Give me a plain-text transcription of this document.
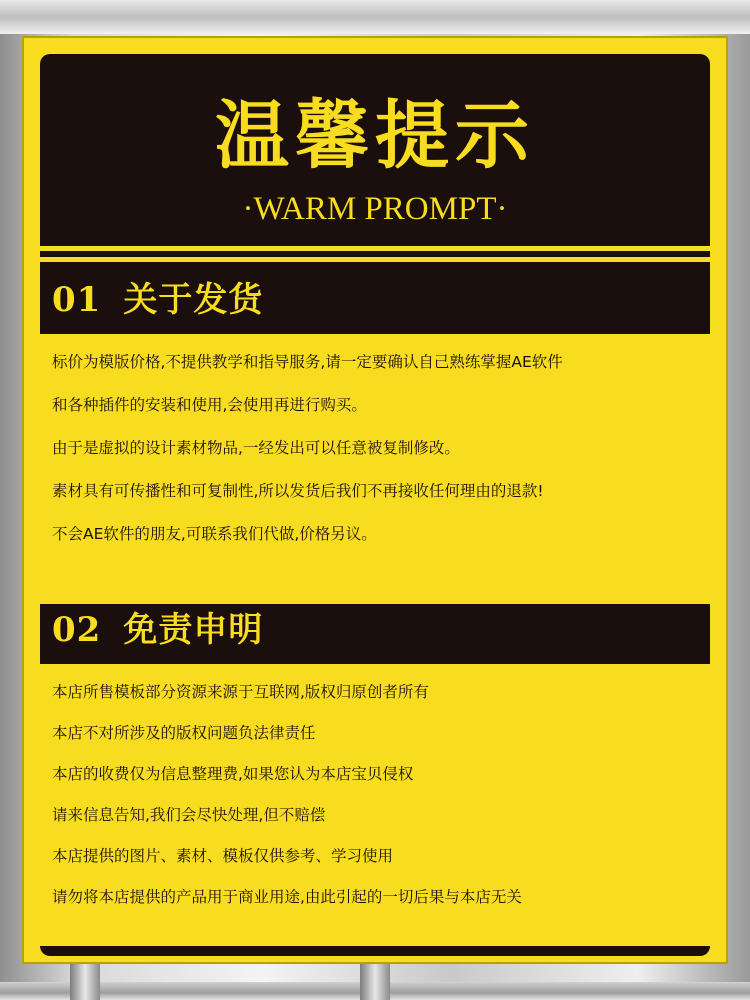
温馨提示
·WARM PROMPT·
01 关于发货

标价为模版价格,不提供教学和指导服务,请一定要确认自己熟练掌握AE软件

和各种插件的安装和使用,会使用再进行购买。

由于是虚拟的设计素材物品,一经发出可以任意被复制修改。

素材具有可传播性和可复制性,所以发货后我们不再接收任何理由的退款!

不会AE软件的朋友,可联系我们代做,价格另议。

02 免责申明

本店所售模板部分资源来源于互联网,版权归原创者所有

本店不对所涉及的版权问题负法律责任

本店的收费仅为信息整理费,如果您认为本店宝贝侵权

请来信息告知,我们会尽快处理,但不赔偿

本店提供的图片、素材、模板仅供参考、学习使用

请勿将本店提供的产品用于商业用途,由此引起的一切后果与本店无关
